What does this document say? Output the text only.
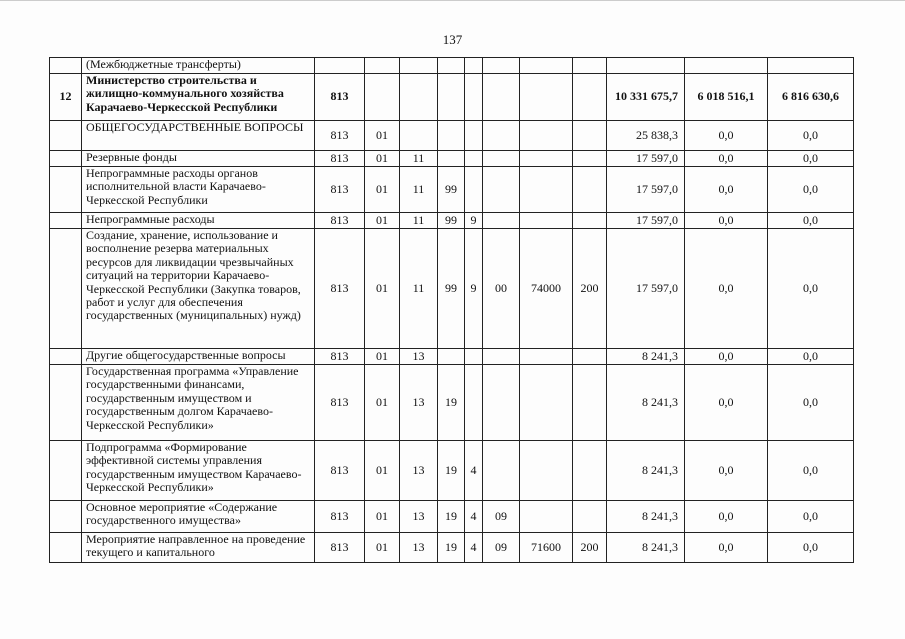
137
	(Межбюджетные трансферты)											
12	Министерство строительства и жилищно-коммунального хозяйства Карачаево-Черкесской Республики	813								10 331 675,7	6 018 516,1	6 816 630,6
	ОБЩЕГОСУДАРСТВЕННЫЕ ВОПРОСЫ	813	01							25 838,3	0,0	0,0
	Резервные фонды	813	01	11						17 597,0	0,0	0,0
	Непрограммные расходы органов исполнительной власти Карачаево-Черкесской Республики	813	01	11	99					17 597,0	0,0	0,0
	Непрограммные расходы	813	01	11	99	9				17 597,0	0,0	0,0
	Создание, хранение, использование и восполнение резерва материальных ресурсов для ликвидации чрезвычайных ситуаций на территории Карачаево-Черкесской Республики (Закупка товаров, работ и услуг для обеспечения государственных (муниципальных) нужд)	813	01	11	99	9	00	74000	200	17 597,0	0,0	0,0
	Другие общегосударственные вопросы	813	01	13						8 241,3	0,0	0,0
	Государственная программа «Управление государственными финансами, государственным имуществом и государственным долгом Карачаево-Черкесской Республики»	813	01	13	19					8 241,3	0,0	0,0
	Подпрограмма «Формирование эффективной системы управления государственным имуществом Карачаево-Черкесской Республики»	813	01	13	19	4				8 241,3	0,0	0,0
	Основное мероприятие «Содержание государственного имущества»	813	01	13	19	4	09			8 241,3	0,0	0,0
	Мероприятие направленное на проведение текущего и капитального	813	01	13	19	4	09	71600	200	8 241,3	0,0	0,0
